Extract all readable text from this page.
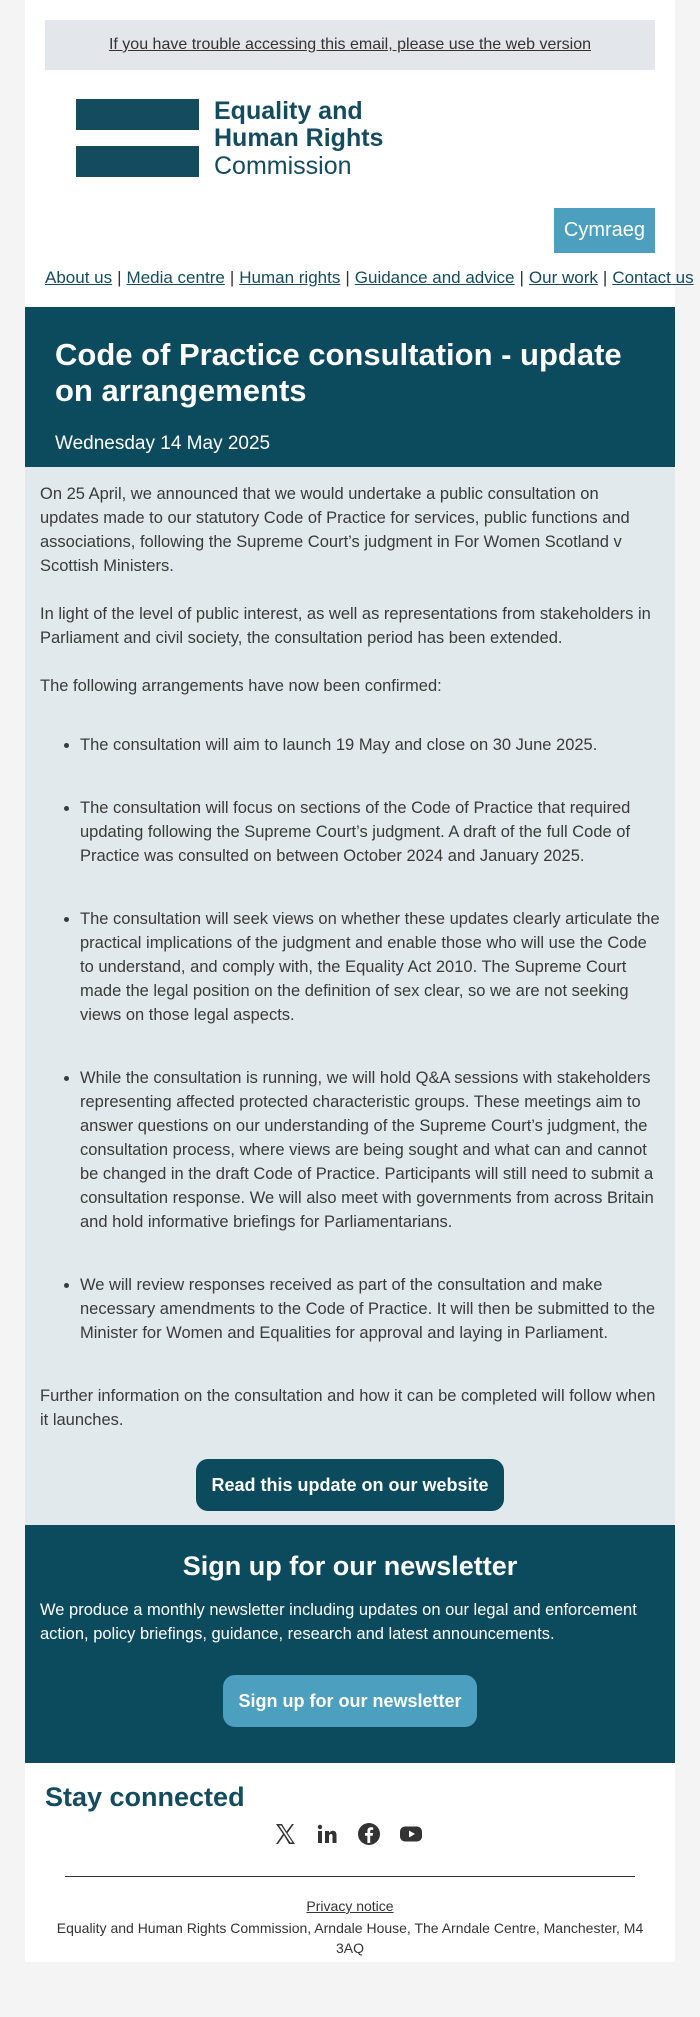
If you have trouble accessing this email, please use the web version
Equality and
Human Rights
Commission
Cymraeg
About us | Media centre | Human rights | Guidance and advice | Our work | Contact us
Code of Practice consultation - update on arrangements
Wednesday 14 May 2025

On 25 April, we announced that we would undertake a public consultation on updates made to our statutory Code of Practice for services, public functions and associations, following the Supreme Court’s judgment in For Women Scotland v Scottish Ministers.

In light of the level of public interest, as well as representations from stakeholders in Parliament and civil society, the consultation period has been extended.

The following arrangements have now been confirmed:

• The consultation will aim to launch 19 May and close on 30 June 2025.
• The consultation will focus on sections of the Code of Practice that required updating following the Supreme Court’s judgment. A draft of the full Code of Practice was consulted on between October 2024 and January 2025.
• The consultation will seek views on whether these updates clearly articulate the practical implications of the judgment and enable those who will use the Code to understand, and comply with, the Equality Act 2010. The Supreme Court made the legal position on the definition of sex clear, so we are not seeking views on those legal aspects.
• While the consultation is running, we will hold Q&A sessions with stakeholders representing affected protected characteristic groups. These meetings aim to answer questions on our understanding of the Supreme Court’s judgment, the consultation process, where views are being sought and what can and cannot be changed in the draft Code of Practice. Participants will still need to submit a consultation response. We will also meet with governments from across Britain and hold informative briefings for Parliamentarians.
• We will review responses received as part of the consultation and make necessary amendments to the Code of Practice. It will then be submitted to the Minister for Women and Equalities for approval and laying in Parliament.

Further information on the consultation and how it can be completed will follow when it launches.

Read this update on our website
Sign up for our newsletter

We produce a monthly newsletter including updates on our legal and enforcement action, policy briefings, guidance, research and latest announcements.

Sign up for our newsletter
Stay connected
Privacy notice
Equality and Human Rights Commission, Arndale House, The Arndale Centre, Manchester, M4 3AQ
